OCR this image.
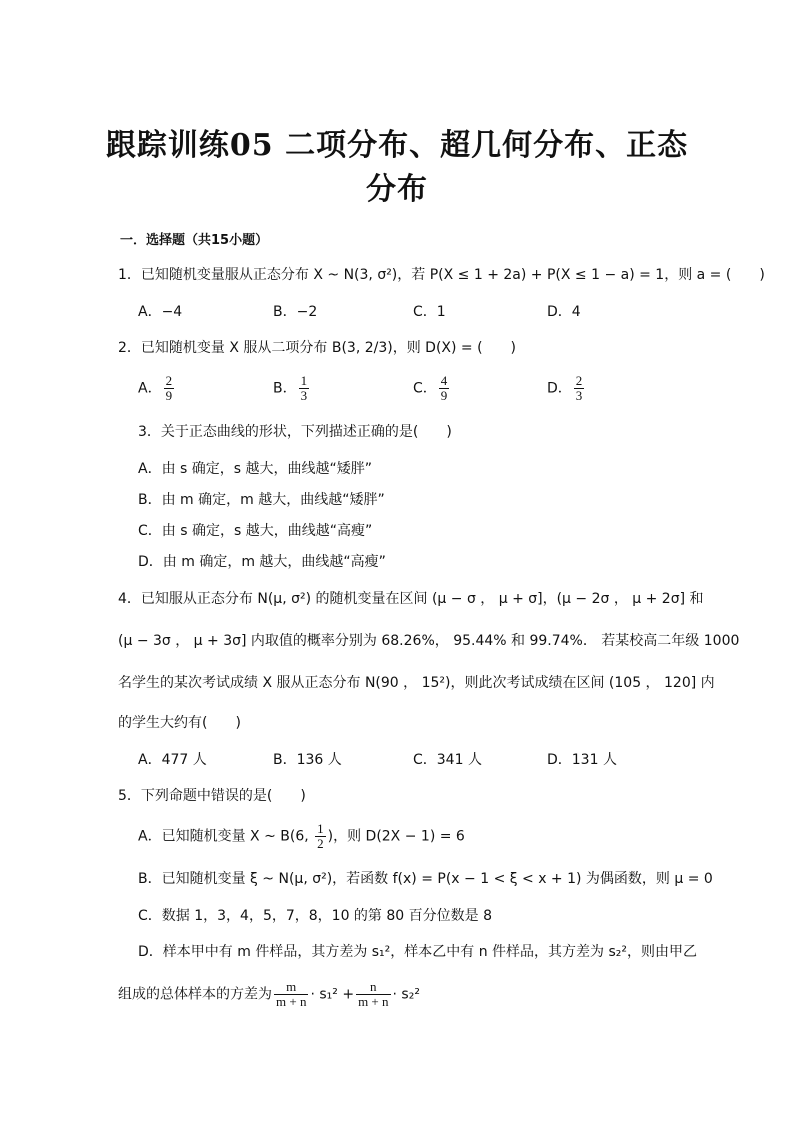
跟踪训练05 二项分布、超几何分布、正态
分布
一．选择题（共15小题）
1．已知随机变量服从正态分布 X ~ N(3, σ²)，若 P(X ≤ 1 + 2a) + P(X ≤ 1 − a) = 1，则 a = (　　)
A．−4	B．−2	C．1	D．4
2．已知随机变量 X 服从二项分布 B(3, 2/3)，则 D(X) = (　　)
A． $\frac{2}{9}$	B． $\frac{1}{3}$	C． $\frac{4}{9}$	D． $\frac{2}{3}$
3．关于正态曲线的形状，下列描述正确的是(　　)
A．由 s 确定，s 越大，曲线越“矮胖”
B．由 m 确定，m 越大，曲线越“矮胖”
C．由 s 确定，s 越大，曲线越“高瘦”
D．由 m 确定，m 越大，曲线越“高瘦”
4．已知服从正态分布 N(μ, σ²) 的随机变量在区间 (μ − σ ， μ + σ]，(μ − 2σ ， μ + 2σ] 和
(μ − 3σ ， μ + 3σ] 内取值的概率分别为 68.26%， 95.44% 和 99.74%． 若某校高二年级 1000
名学生的某次考试成绩 X 服从正态分布 N(90 ， 15²)，则此次考试成绩在区间 (105 ， 120] 内
的学生大约有(　　)
A．477 人	B．136 人	C．341 人	D．131 人
5．下列命题中错误的是(　　)
A．已知随机变量 X ~ B(6, $\frac{1}{2}$ )，则 D(2X − 1) = 6
B．已知随机变量 ξ ~ N(μ, σ²)，若函数 f(x) = P(x − 1 < ξ < x + 1) 为偶函数，则 μ = 0
C．数据 1，3，4，5，7，8，10 的第 80 百分位数是 8
D．样本甲中有 m 件样品，其方差为 s₁²，样本乙中有 n 件样品，其方差为 s₂²，则由甲乙
组成的总体样本的方差为 $\frac{m}{m + n} \cdot s_1^2 + \frac{n}{m + n} \cdot s_2^2$
